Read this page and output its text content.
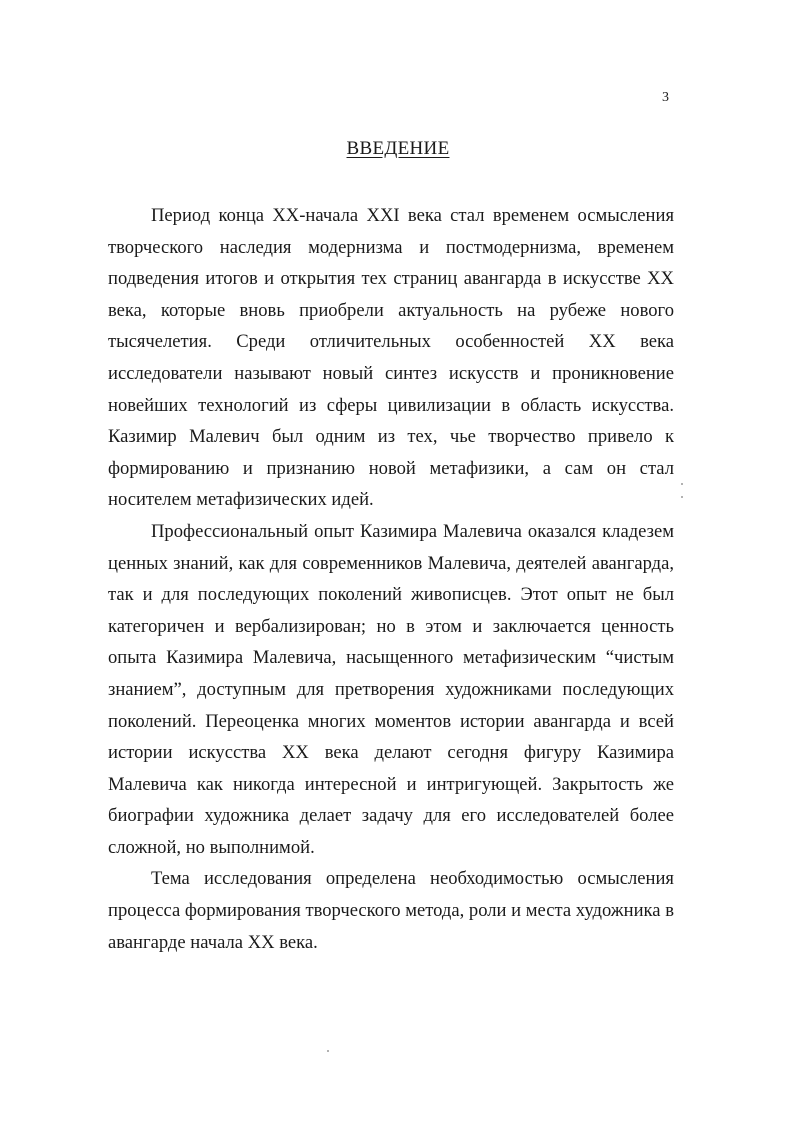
3
ВВЕДЕНИЕ

Период конца XX-начала XXI века стал временем осмысления творческого наследия модернизма и постмодернизма, временем подведения итогов и открытия тех страниц авангарда в искусстве XX века, которые вновь приобрели актуальность на рубеже нового тысячелетия. Среди отличительных особенностей XX века исследователи называют новый синтез искусств и проникновение новейших технологий из сферы цивилизации в область искусства. Казимир Малевич был одним из тех, чье творчество привело к формированию и признанию новой метафизики, а сам он стал носителем метафизических идей.

Профессиональный опыт Казимира Малевича оказался кладезем ценных знаний, как для современников Малевича, деятелей авангарда, так и для последующих поколений живописцев. Этот опыт не был категоричен и вербализирован; но в этом и заключается ценность опыта Казимира Малевича, насыщенного метафизическим “чистым знанием”, доступным для претворения художниками последующих поколений. Переоценка многих моментов истории авангарда и всей истории искусства XX века делают сегодня фигуру Казимира Малевича как никогда интересной и интригующей. Закрытость же биографии художника делает задачу для его исследователей более сложной, но выполнимой.

Тема исследования определена необходимостью осмысления процесса формирования творческого метода, роли и места художника в авангарде начала XX века.
